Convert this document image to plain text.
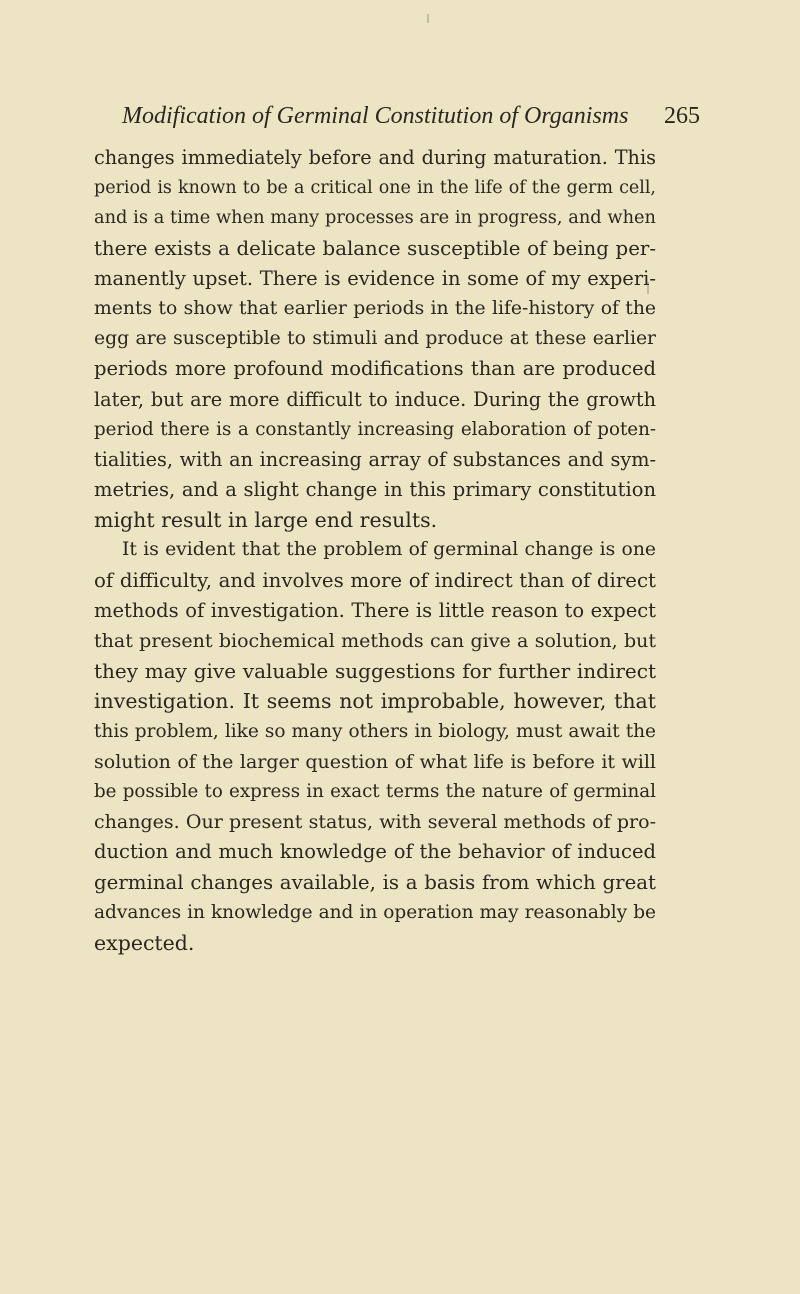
Modification of Germinal Constitution of Organisms 265
changes immediately before and during maturation. This
period is known to be a critical one in the life of the germ cell,
and is a time when many processes are in progress, and when
there exists a delicate balance susceptible of being per-
manently upset. There is evidence in some of my experi-
ments to show that earlier periods in the life-history of the
egg are susceptible to stimuli and produce at these earlier
periods more profound modifications than are produced
later, but are more difficult to induce. During the growth
period there is a constantly increasing elaboration of poten-
tialities, with an increasing array of substances and sym-
metries, and a slight change in this primary constitution
might result in large end results.
It is evident that the problem of germinal change is one
of difficulty, and involves more of indirect than of direct
methods of investigation. There is little reason to expect
that present biochemical methods can give a solution, but
they may give valuable suggestions for further indirect
investigation. It seems not improbable, however, that
this problem, like so many others in biology, must await the
solution of the larger question of what life is before it will
be possible to express in exact terms the nature of germinal
changes. Our present status, with several methods of pro-
duction and much knowledge of the behavior of induced
germinal changes available, is a basis from which great
advances in knowledge and in operation may reasonably be
expected.
